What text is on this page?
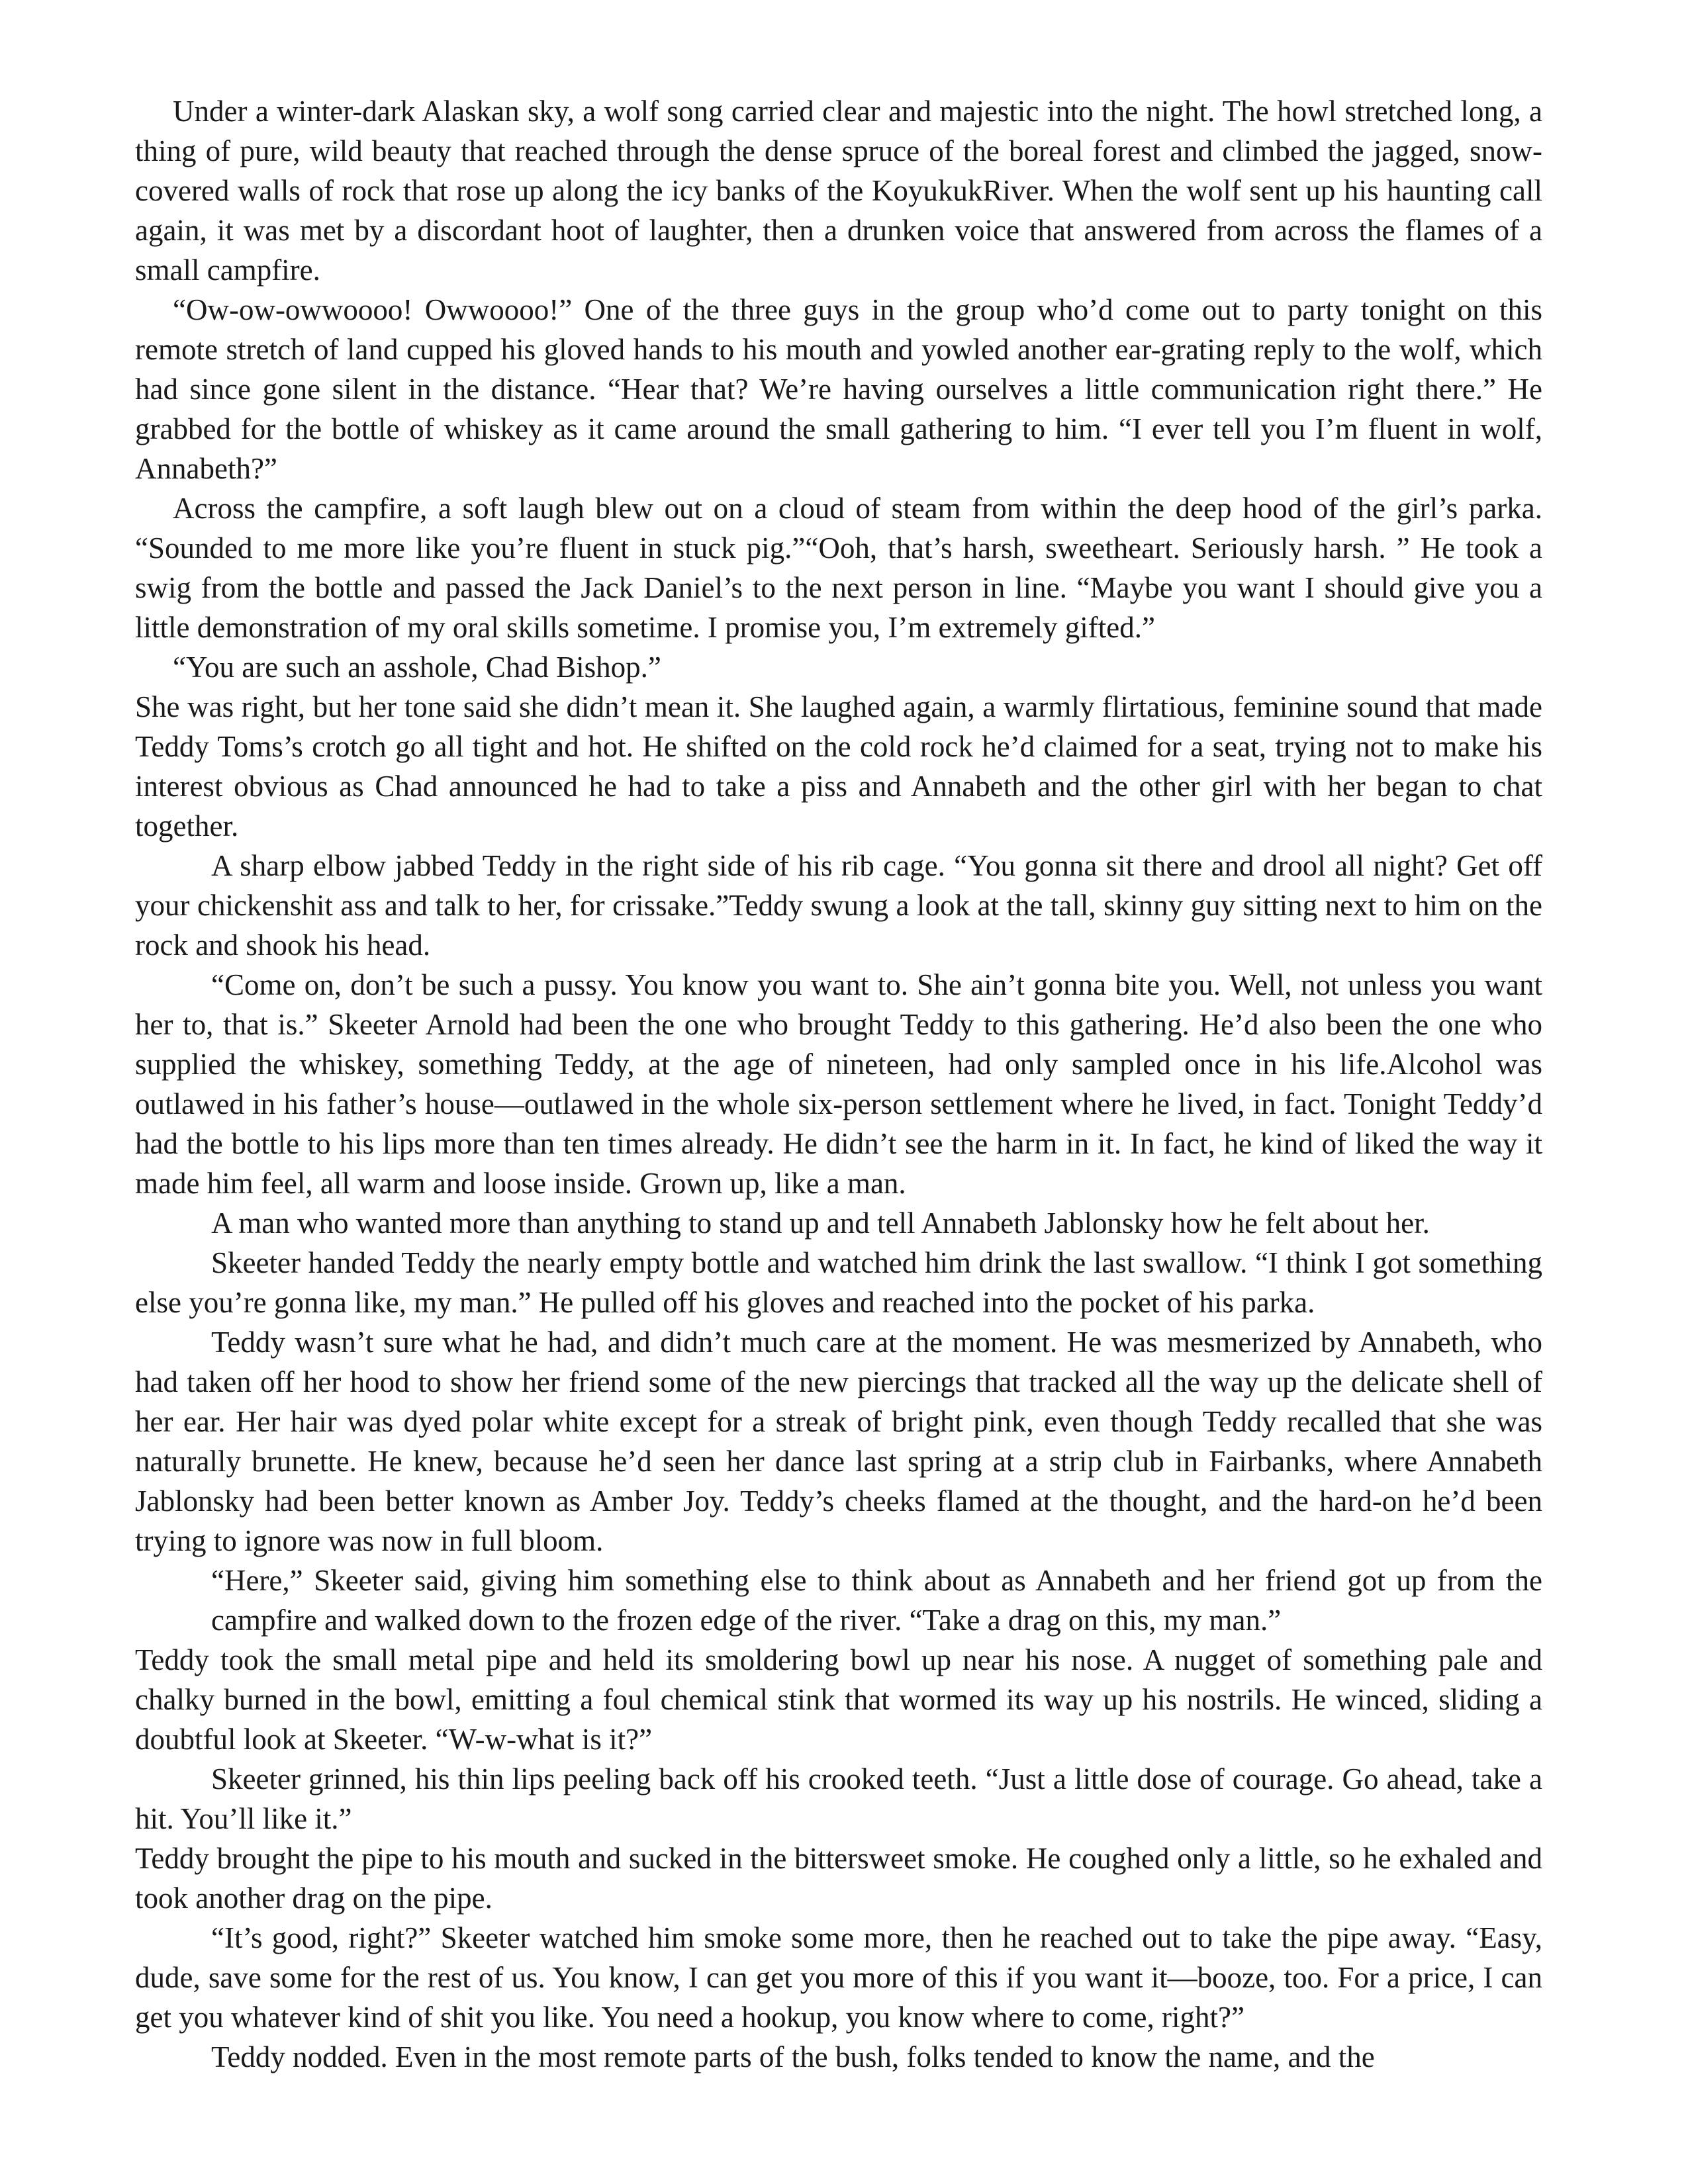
Under a winter-dark Alaskan sky, a wolf song carried clear and majestic into the night. The howl stretched long, a thing of pure, wild beauty that reached through the dense spruce of the boreal forest and climbed the jagged, snow-covered walls of rock that rose up along the icy banks of the KoyukukRiver. When the wolf sent up his haunting call again, it was met by a discordant hoot of laughter, then a drunken voice that answered from across the flames of a small campfire.

“Ow-ow-owwoooo! Owwoooo!” One of the three guys in the group who’d come out to party tonight on this remote stretch of land cupped his gloved hands to his mouth and yowled another ear-grating reply to the wolf, which had since gone silent in the distance. “Hear that? We’re having ourselves a little communication right there.” He grabbed for the bottle of whiskey as it came around the small gathering to him. “I ever tell you I’m fluent in wolf, Annabeth?”

Across the campfire, a soft laugh blew out on a cloud of steam from within the deep hood of the girl’s parka. “Sounded to me more like you’re fluent in stuck pig.”“Ooh, that’s harsh, sweetheart. Seriously harsh. ” He took a swig from the bottle and passed the Jack Daniel’s to the next person in line. “Maybe you want I should give you a little demonstration of my oral skills sometime. I promise you, I’m extremely gifted.”

“You are such an asshole, Chad Bishop.”

She was right, but her tone said she didn’t mean it. She laughed again, a warmly flirtatious, feminine sound that made Teddy Toms’s crotch go all tight and hot. He shifted on the cold rock he’d claimed for a seat, trying not to make his interest obvious as Chad announced he had to take a piss and Annabeth and the other girl with her began to chat together.

A sharp elbow jabbed Teddy in the right side of his rib cage. “You gonna sit there and drool all night? Get off your chickenshit ass and talk to her, for crissake.”Teddy swung a look at the tall, skinny guy sitting next to him on the rock and shook his head.

“Come on, don’t be such a pussy. You know you want to. She ain’t gonna bite you. Well, not unless you want her to, that is.” Skeeter Arnold had been the one who brought Teddy to this gathering. He’d also been the one who supplied the whiskey, something Teddy, at the age of nineteen, had only sampled once in his life.Alcohol was outlawed in his father’s house—outlawed in the whole six-person settlement where he lived, in fact. Tonight Teddy’d had the bottle to his lips more than ten times already. He didn’t see the harm in it. In fact, he kind of liked the way it made him feel, all warm and loose inside. Grown up, like a man.

A man who wanted more than anything to stand up and tell Annabeth Jablonsky how he felt about her.

Skeeter handed Teddy the nearly empty bottle and watched him drink the last swallow. “I think I got something else you’re gonna like, my man.” He pulled off his gloves and reached into the pocket of his parka.

Teddy wasn’t sure what he had, and didn’t much care at the moment. He was mesmerized by Annabeth, who had taken off her hood to show her friend some of the new piercings that tracked all the way up the delicate shell of her ear. Her hair was dyed polar white except for a streak of bright pink, even though Teddy recalled that she was naturally brunette. He knew, because he’d seen her dance last spring at a strip club in Fairbanks, where Annabeth Jablonsky had been better known as Amber Joy. Teddy’s cheeks flamed at the thought, and the hard-on he’d been trying to ignore was now in full bloom.

“Here,” Skeeter said, giving him something else to think about as Annabeth and her friend got up from the campfire and walked down to the frozen edge of the river. “Take a drag on this, my man.”

Teddy took the small metal pipe and held its smoldering bowl up near his nose. A nugget of something pale and chalky burned in the bowl, emitting a foul chemical stink that wormed its way up his nostrils. He winced, sliding a doubtful look at Skeeter. “W-w-what is it?”

Skeeter grinned, his thin lips peeling back off his crooked teeth. “Just a little dose of courage. Go ahead, take a hit. You’ll like it.”

Teddy brought the pipe to his mouth and sucked in the bittersweet smoke. He coughed only a little, so he exhaled and took another drag on the pipe.

“It’s good, right?” Skeeter watched him smoke some more, then he reached out to take the pipe away. “Easy, dude, save some for the rest of us. You know, I can get you more of this if you want it—booze, too. For a price, I can get you whatever kind of shit you like. You need a hookup, you know where to come, right?”

Teddy nodded. Even in the most remote parts of the bush, folks tended to know the name, and the
